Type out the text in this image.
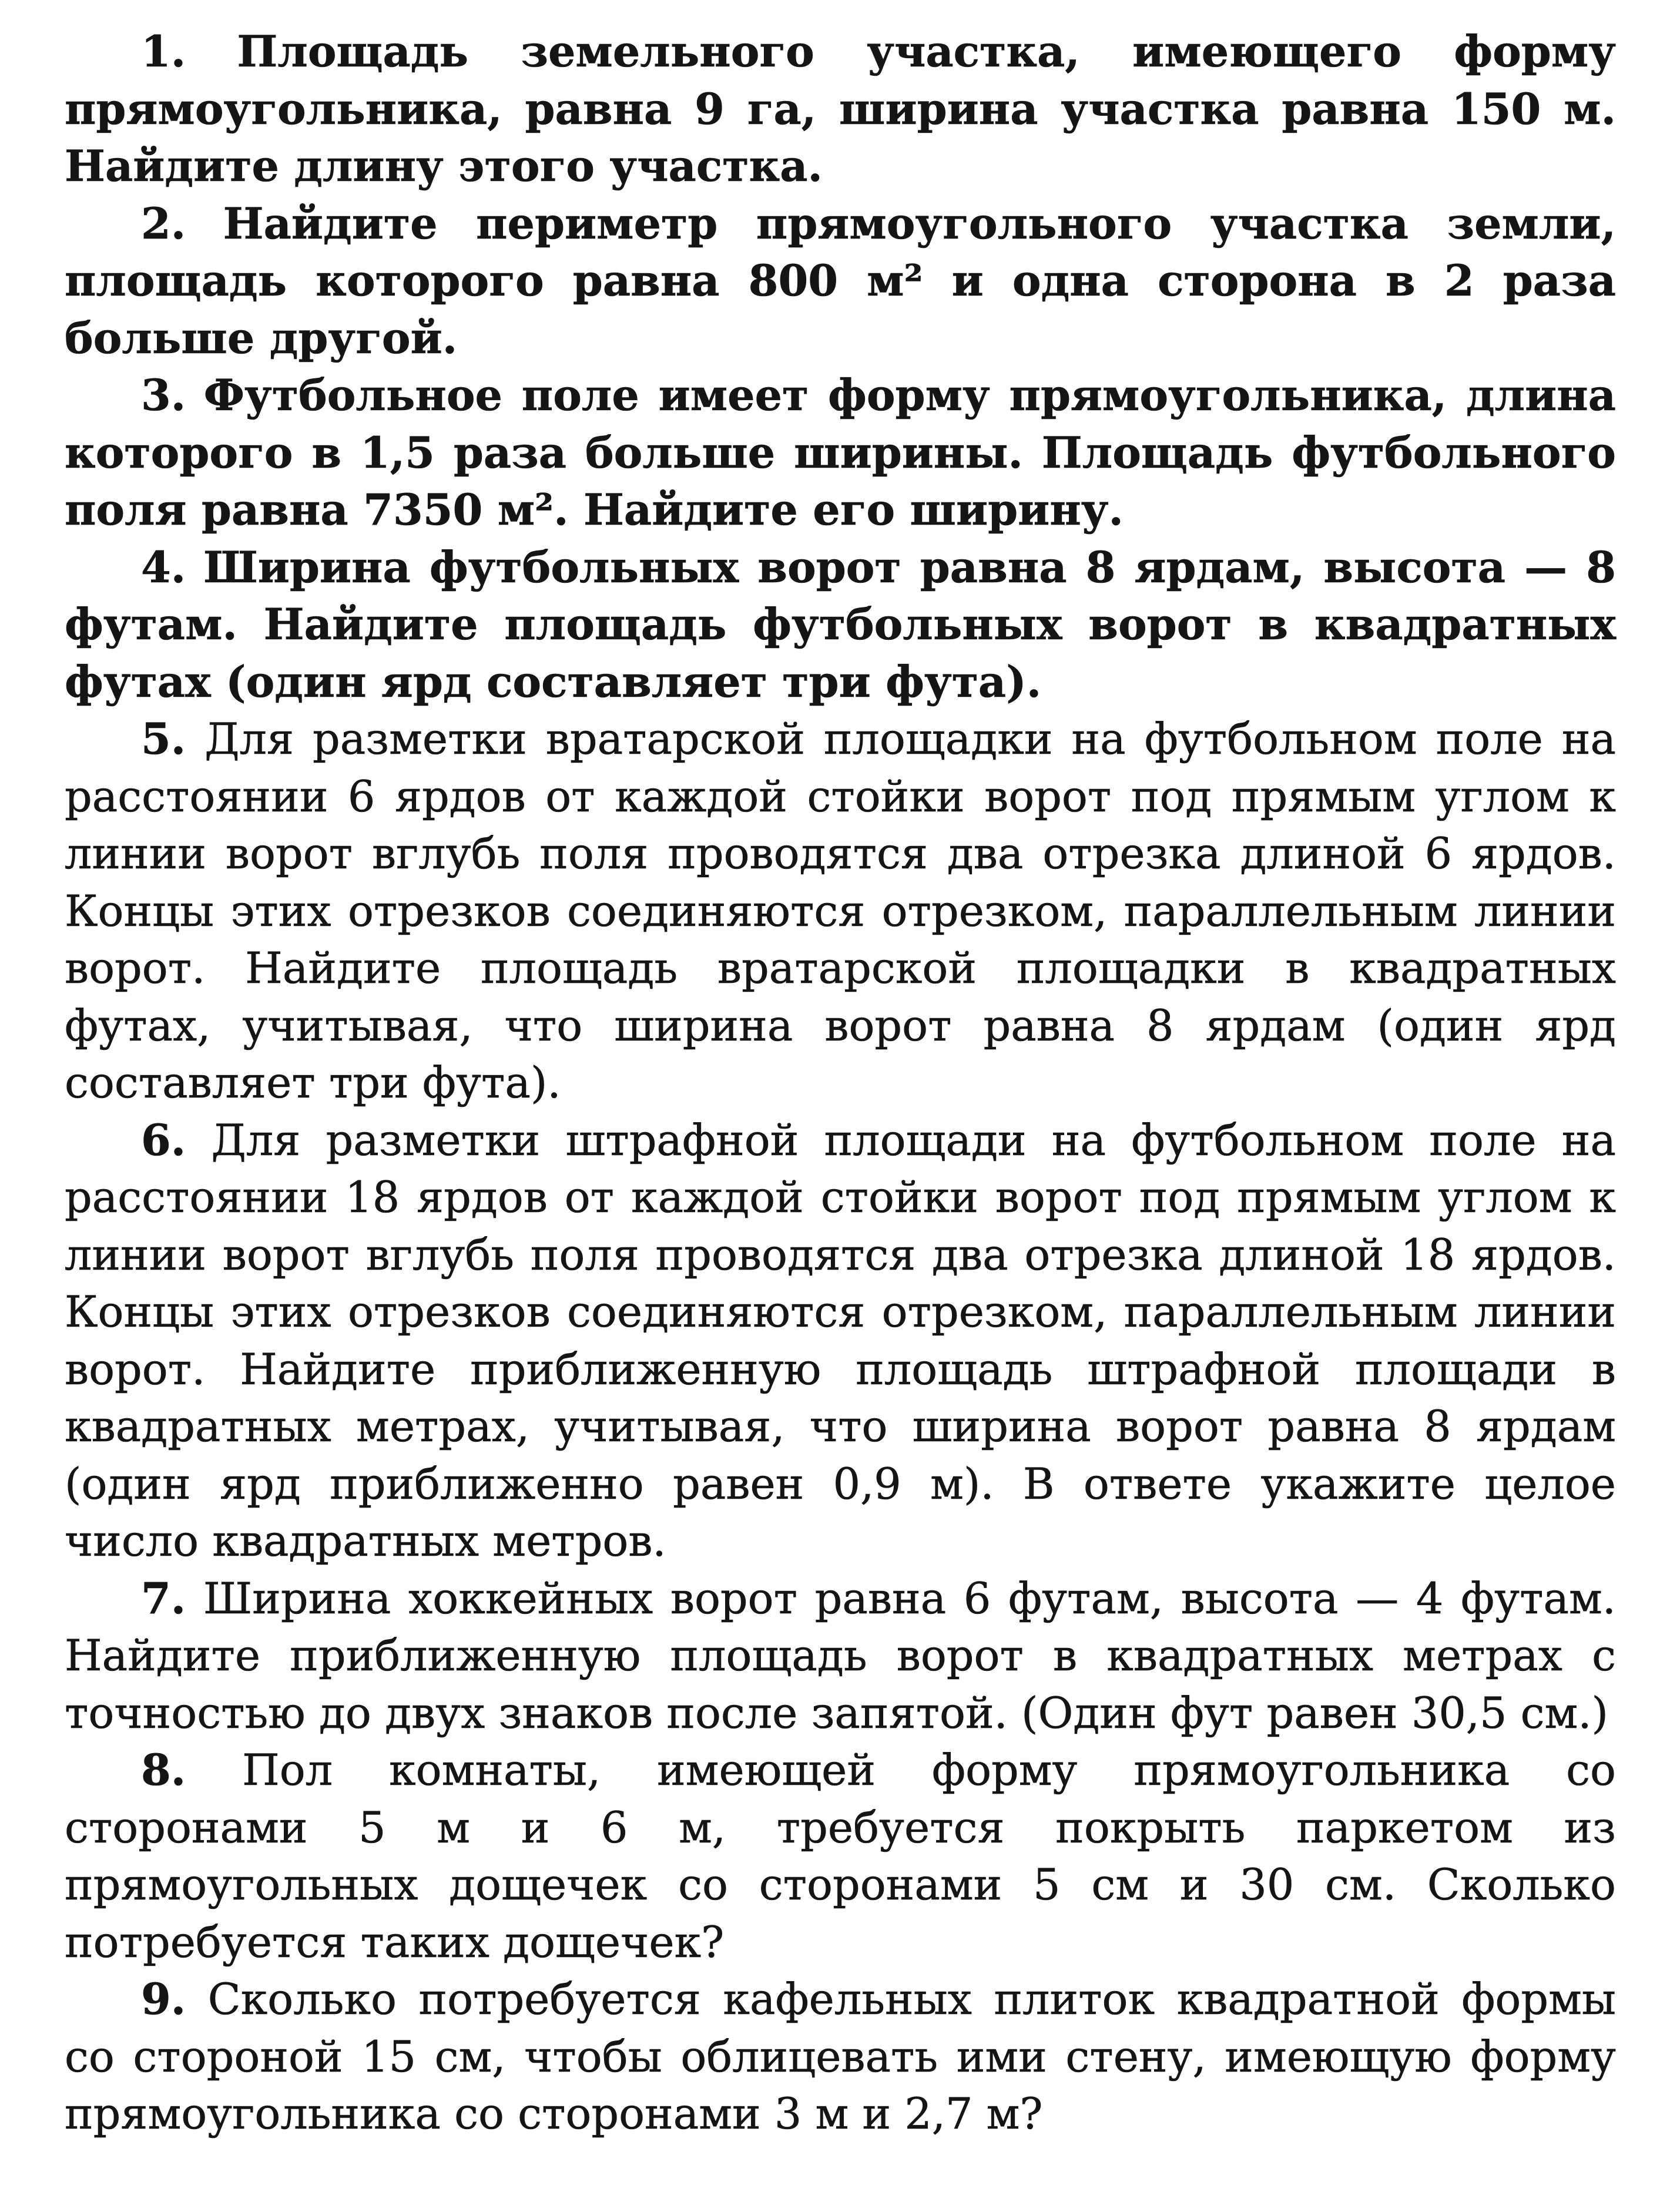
1. Площадь земельного участка, имеющего форму прямоугольника, равна 9 га, ширина участка равна 150 м. Найдите длину этого участка.

2. Найдите периметр прямоугольного участка земли, площадь которого равна 800 м² и одна сторона в 2 раза больше другой.

3. Футбольное поле имеет форму прямоугольника, длина которого в 1,5 раза больше ширины. Площадь футбольного поля равна 7350 м². Найдите его ширину.

4. Ширина футбольных ворот равна 8 ярдам, высота — 8 футам. Найдите площадь футбольных ворот в квадратных футах (один ярд составляет три фута).

5. Для разметки вратарской площадки на футбольном поле на расстоянии 6 ярдов от каждой стойки ворот под прямым углом к линии ворот вглубь поля проводятся два отрезка длиной 6 ярдов. Концы этих отрезков соединяются отрезком, параллельным линии ворот. Найдите площадь вратарской площадки в квадратных футах, учитывая, что ширина ворот равна 8 ярдам (один ярд составляет три фута).

6. Для разметки штрафной площади на футбольном поле на расстоянии 18 ярдов от каждой стойки ворот под прямым углом к линии ворот вглубь поля проводятся два отрезка длиной 18 ярдов. Концы этих отрезков соединяются отрезком, параллельным линии ворот. Найдите приближенную площадь штрафной площади в квадратных метрах, учитывая, что ширина ворот равна 8 ярдам (один ярд приближенно равен 0,9 м). В ответе укажите целое число квадратных метров.

7. Ширина хоккейных ворот равна 6 футам, высота — 4 футам. Найдите приближенную площадь ворот в квадратных метрах с точностью до двух знаков после запятой. (Один фут равен 30,5 см.)

8. Пол комнаты, имеющей форму прямоугольника со сторонами 5 м и 6 м, требуется покрыть паркетом из прямоугольных дощечек со сторонами 5 см и 30 см. Сколько потребуется таких дощечек?

9. Сколько потребуется кафельных плиток квадратной формы со стороной 15 см, чтобы облицевать ими стену, имеющую форму прямоугольника со сторонами 3 м и 2,7 м?
